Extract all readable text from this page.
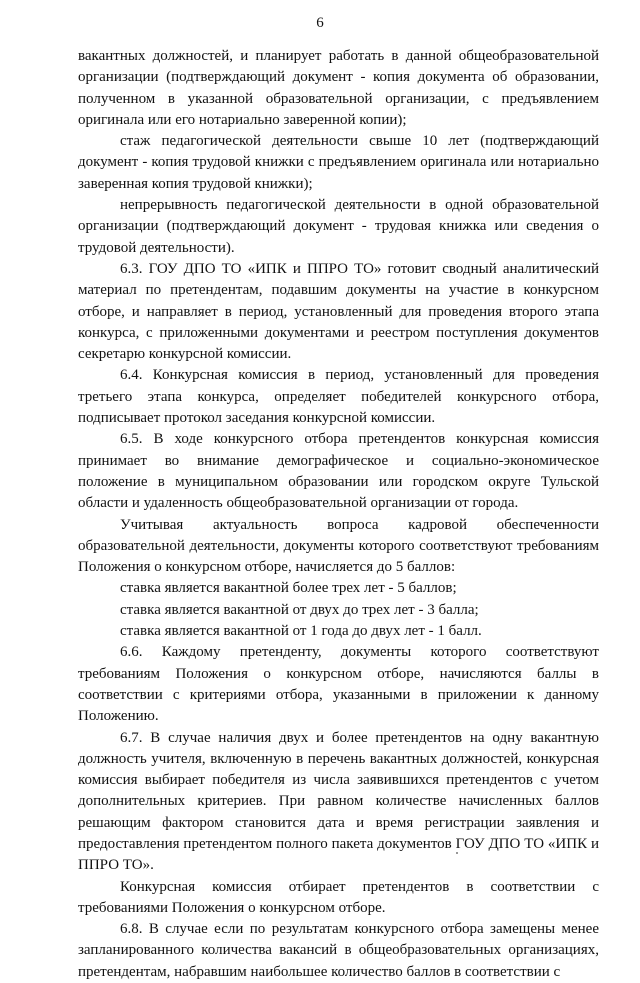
6

вакантных должностей, и планирует работать в данной общеобразовательной организации (подтверждающий документ - копия документа об образовании, полученном в указанной образовательной организации, с предъявлением оригинала или его нотариально заверенной копии);

стаж педагогической деятельности свыше 10 лет (подтверждающий документ - копия трудовой книжки с предъявлением оригинала или нотариально заверенная копия трудовой книжки);

непрерывность педагогической деятельности в одной образовательной организации (подтверждающий документ - трудовая книжка или сведения о трудовой деятельности).

6.3. ГОУ ДПО ТО «ИПК и ППРО ТО» готовит сводный аналитический материал по претендентам, подавшим документы на участие в конкурсном отборе, и направляет в период, установленный для проведения второго этапа конкурса, с приложенными документами и реестром поступления документов секретарю конкурсной комиссии.

6.4. Конкурсная комиссия в период, установленный для проведения третьего этапа конкурса, определяет победителей конкурсного отбора, подписывает протокол заседания конкурсной комиссии.

6.5. В ходе конкурсного отбора претендентов конкурсная комиссия принимает во внимание демографическое и социально-экономическое положение в муниципальном образовании или городском округе Тульской области и удаленность общеобразовательной организации от города.

Учитывая актуальность вопроса кадровой обеспеченности образовательной деятельности, документы которого соответствуют требованиям Положения о конкурсном отборе, начисляется до 5 баллов:

ставка является вакантной более трех лет - 5 баллов;

ставка является вакантной от двух до трех лет - 3 балла;

ставка является вакантной от 1 года до двух лет - 1 балл.

6.6. Каждому претенденту, документы которого соответствуют требованиям Положения о конкурсном отборе, начисляются баллы в соответствии с критериями отбора, указанными в приложении к данному Положению.

6.7. В случае наличия двух и более претендентов на одну вакантную должность учителя, включенную в перечень вакантных должностей, конкурсная комиссия выбирает победителя из числа заявившихся претендентов с учетом дополнительных критериев. При равном количестве начисленных баллов решающим фактором становится дата и время регистрации заявления и предоставления претендентом полного пакета документов ГОУ ДПО ТО «ИПК и ППРО ТО».

Конкурсная комиссия отбирает претендентов в соответствии с требованиями Положения о конкурсном отборе.

6.8. В случае если по результатам конкурсного отбора замещены менее запланированного количества вакансий в общеобразовательных организациях, претендентам, набравшим наибольшее количество баллов в соответствии с
